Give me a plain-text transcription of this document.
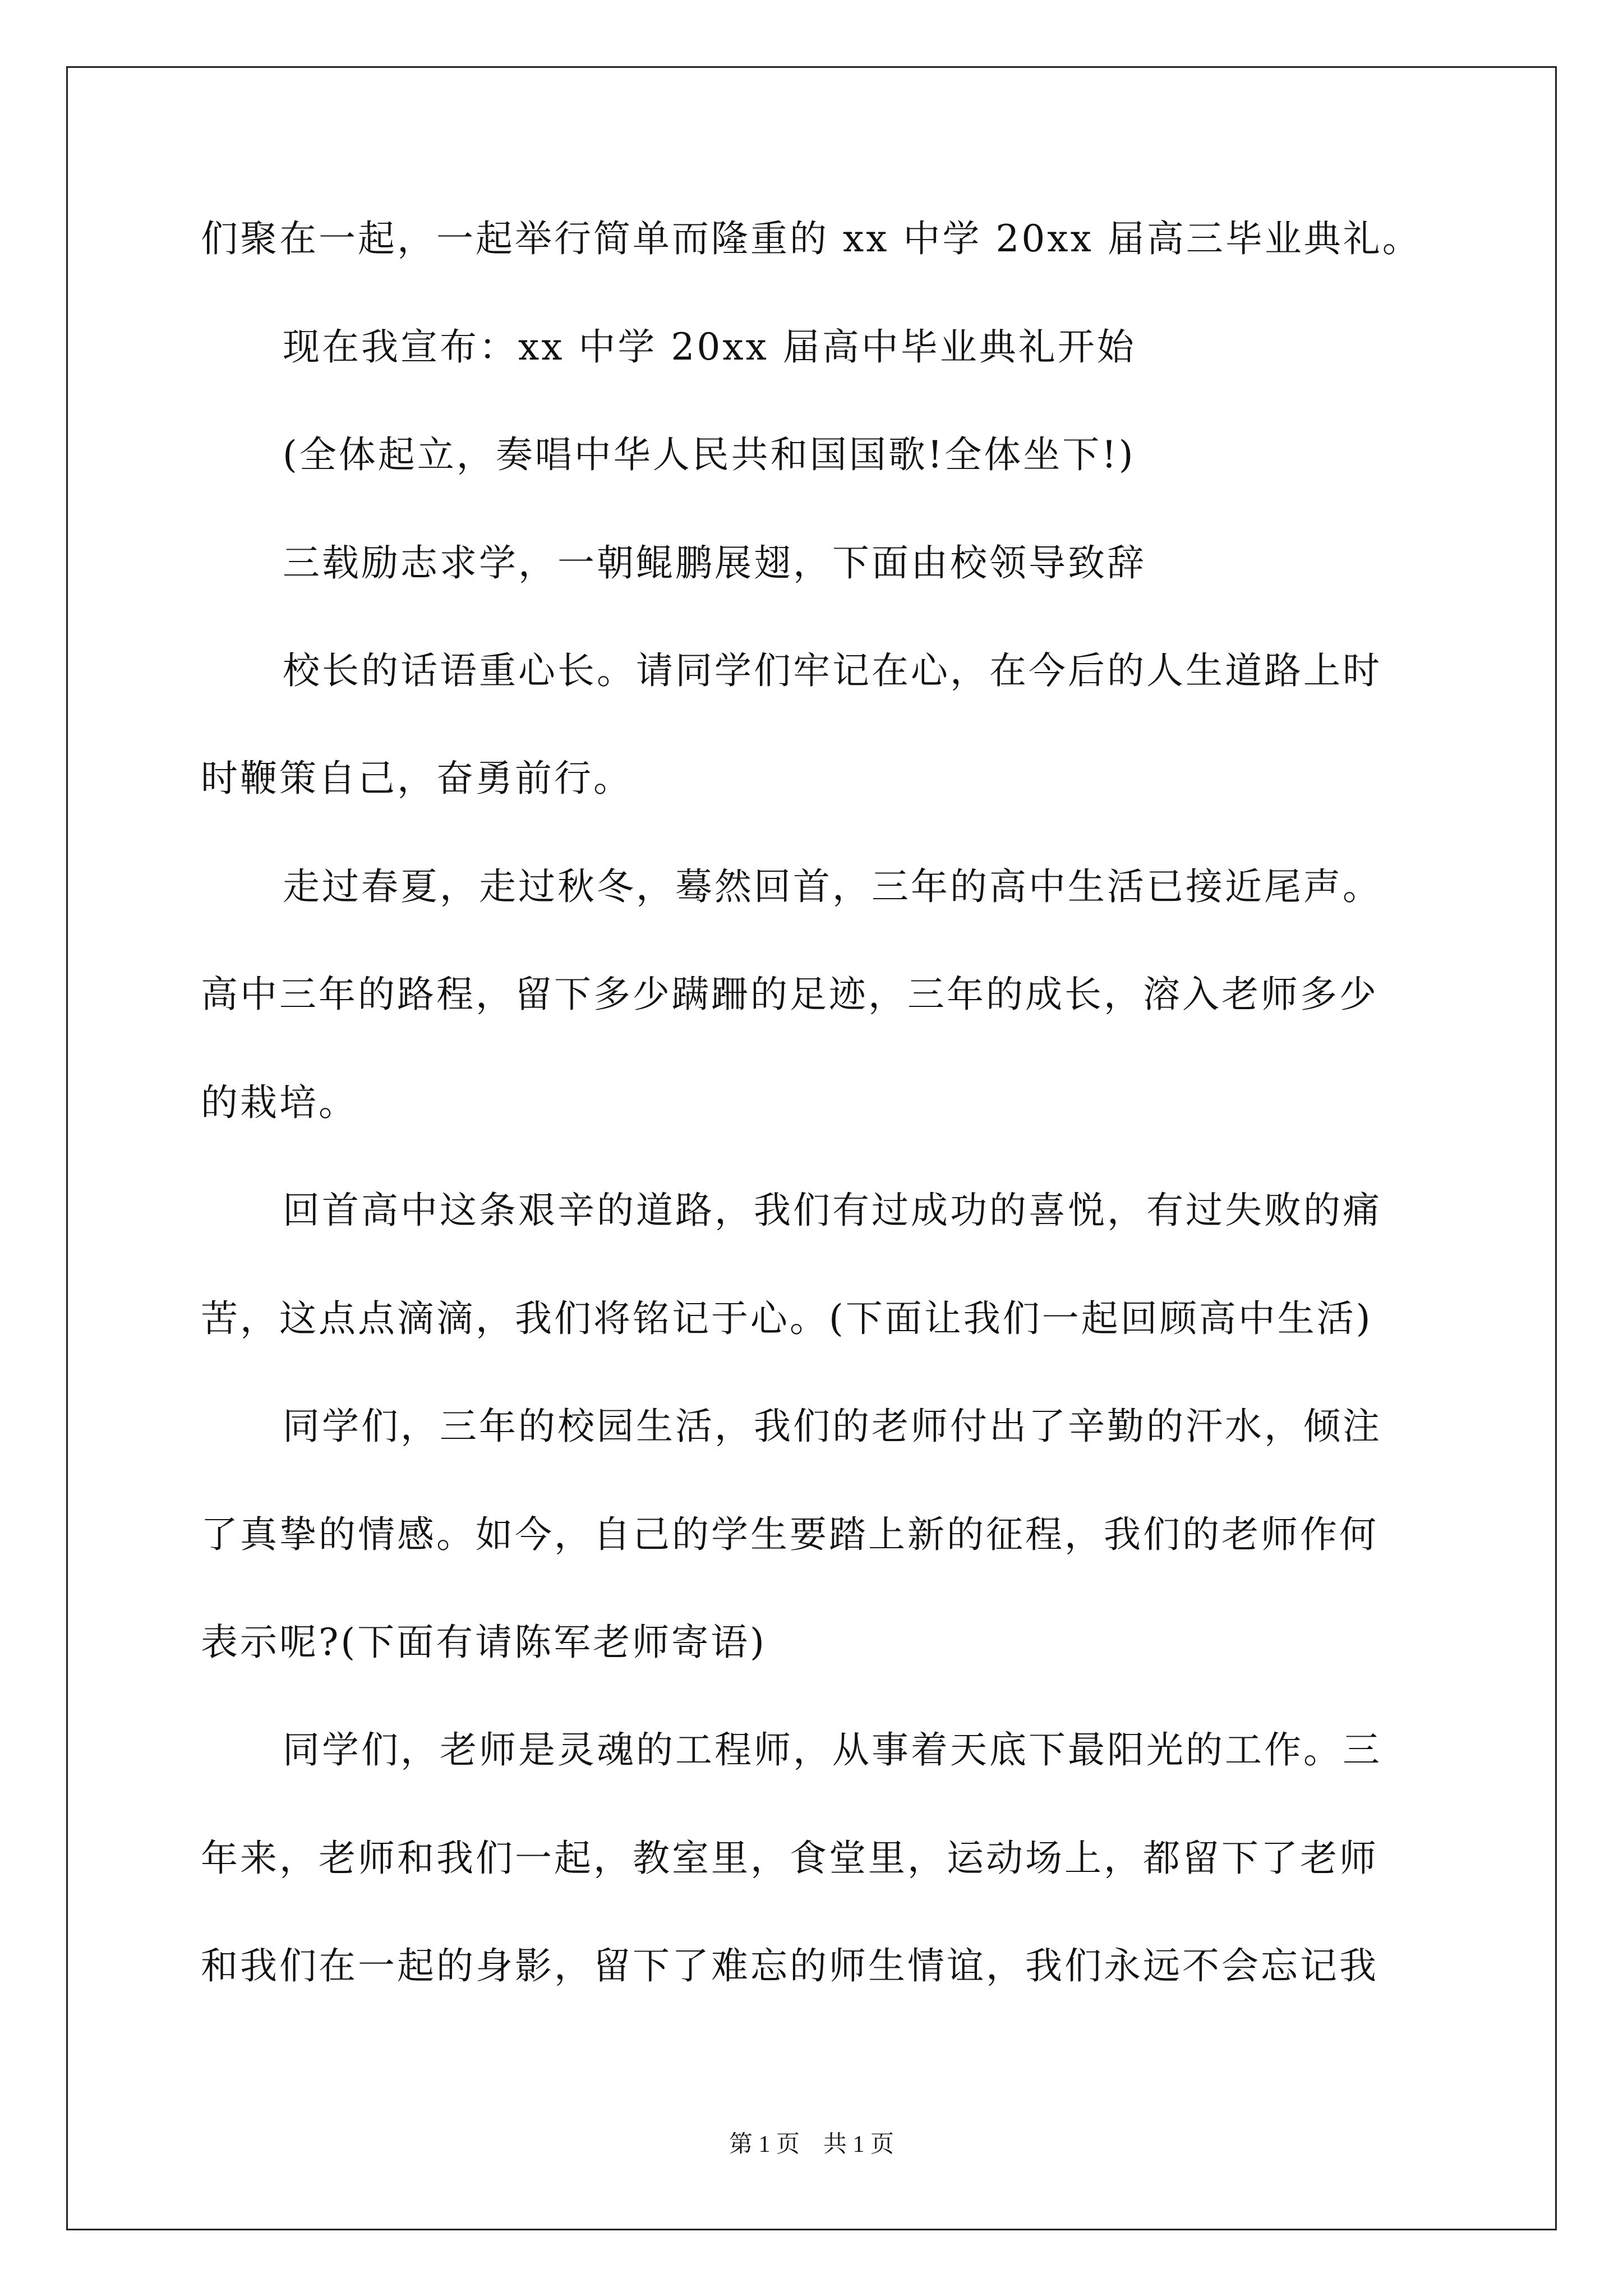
们聚在一起，一起举行简单而隆重的 xx 中学 20xx 届高三毕业典礼。
现在我宣布：xx 中学 20xx 届高中毕业典礼开始
(全体起立，奏唱中华人民共和国国歌!全体坐下!)
三载励志求学，一朝鲲鹏展翅，下面由校领导致辞
校长的话语重心长。请同学们牢记在心，在今后的人生道路上时
时鞭策自己，奋勇前行。
走过春夏，走过秋冬，蓦然回首，三年的高中生活已接近尾声。
高中三年的路程，留下多少蹒跚的足迹，三年的成长，溶入老师多少
的栽培。
回首高中这条艰辛的道路，我们有过成功的喜悦，有过失败的痛
苦，这点点滴滴，我们将铭记于心。(下面让我们一起回顾高中生活)
同学们，三年的校园生活，我们的老师付出了辛勤的汗水，倾注
了真挚的情感。如今，自己的学生要踏上新的征程，我们的老师作何
表示呢?(下面有请陈军老师寄语)
同学们，老师是灵魂的工程师，从事着天底下最阳光的工作。三
年来，老师和我们一起，教室里，食堂里，运动场上，都留下了老师
和我们在一起的身影，留下了难忘的师生情谊，我们永远不会忘记我
第 1 页 共 1 页
